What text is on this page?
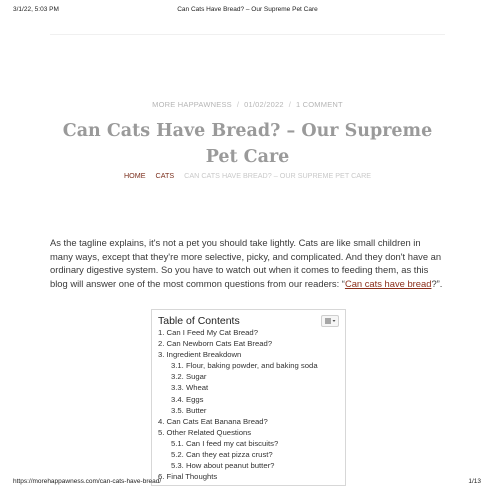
3/1/22, 5:03 PM	Can Cats Have Bread? – Our Supreme Pet Care
MORE HAPPAWNESS / 01/02/2022 / 1 COMMENT
Can Cats Have Bread? – Our Supreme Pet Care
HOME CATS CAN CATS HAVE BREAD? – OUR SUPREME PET CARE

As the tagline explains, it's not a pet you should take lightly. Cats are like small children in many ways, except that they're more selective, picky, and complicated. And they don't have an ordinary digestive system. So you have to watch out when it comes to feeding them, as this blog will answer one of the most common questions from our readers: “Can cats have bread?”.

Table of Contents
1. Can I Feed My Cat Bread?
2. Can Newborn Cats Eat Bread?
3. Ingredient Breakdown
3.1. Flour, baking powder, and baking soda
3.2. Sugar
3.3. Wheat
3.4. Eggs
3.5. Butter
4. Can Cats Eat Banana Bread?
5. Other Related Questions
5.1. Can I feed my cat biscuits?
5.2. Can they eat pizza crust?
5.3. How about peanut butter?
6. Final Thoughts
https://morehappawness.com/can-cats-have-bread/	1/13
